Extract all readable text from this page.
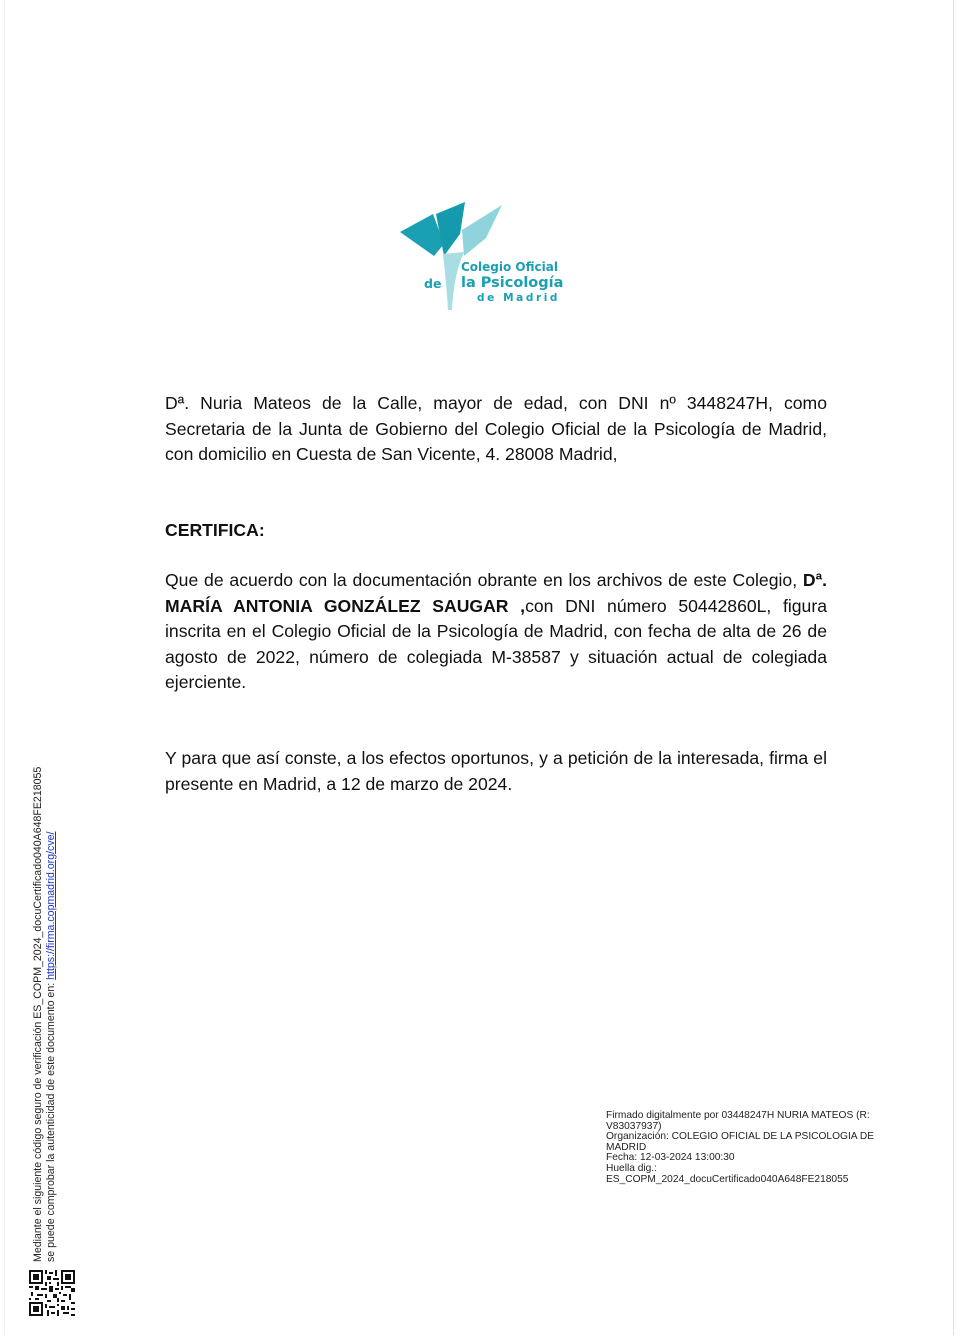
Colegio Oficial
de la Psicología
de Madrid

Dª. Nuria Mateos de la Calle, mayor de edad, con DNI nº 3448247H, como Secretaria de la Junta de Gobierno del Colegio Oficial de la Psicología de Madrid, con domicilio en Cuesta de San Vicente, 4. 28008 Madrid,

CERTIFICA:

Que de acuerdo con la documentación obrante en los archivos de este Colegio, Dª. MARÍA ANTONIA GONZÁLEZ SAUGAR ,con DNI número 50442860L, figura inscrita en el Colegio Oficial de la Psicología de Madrid, con fecha de alta de 26 de agosto de 2022, número de colegiada M-38587 y situación actual de colegiada ejerciente.

Y para que así conste, a los efectos oportunos, y a petición de la interesada, firma el presente en Madrid, a 12 de marzo de 2024.

Firmado digitalmente por 03448247H NURIA MATEOS (R:
V83037937)
Organización: COLEGIO OFICIAL DE LA PSICOLOGIA DE
MADRID
Fecha: 12-03-2024 13:00:30
Huella dig.:
ES_COPM_2024_docuCertificado040A648FE218055
Mediante el siguiente código seguro de verificación ES_COPM_2024_docuCertificado040A648FE218055 se puede comprobar la autenticidad de este documento en: https://firma.copmadrid.org/cve/
